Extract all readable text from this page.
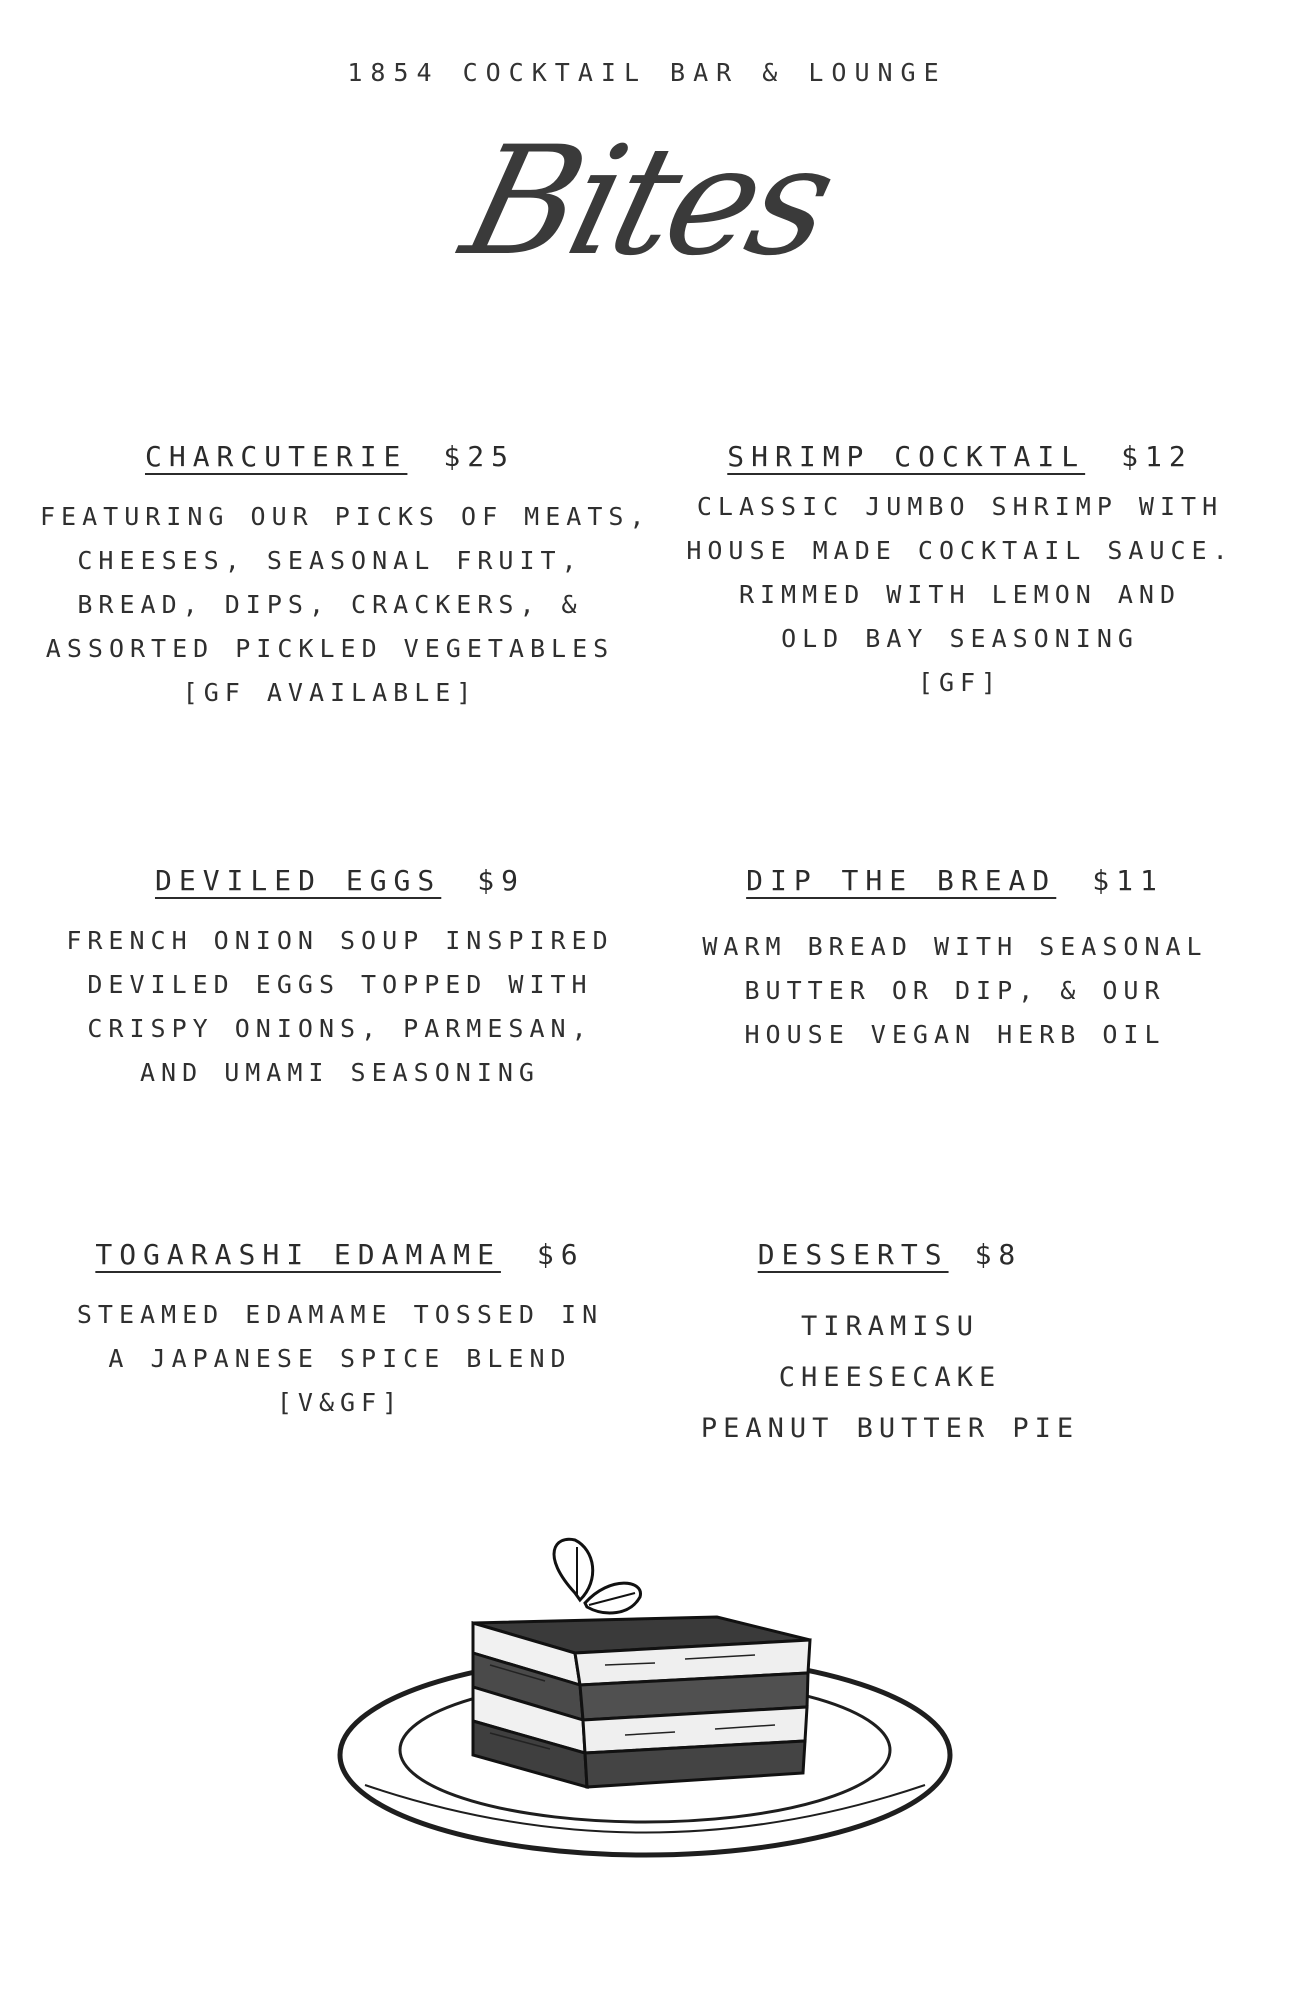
1854 COCKTAIL BAR & LOUNGE
Bites
CHARCUTERIE $25
FEATURING OUR PICKS OF MEATS,
CHEESES, SEASONAL FRUIT,
BREAD, DIPS, CRACKERS, &
ASSORTED PICKLED VEGETABLES
[GF AVAILABLE]
SHRIMP COCKTAIL $12
CLASSIC JUMBO SHRIMP WITH
HOUSE MADE COCKTAIL SAUCE.
RIMMED WITH LEMON AND
OLD BAY SEASONING
[GF]
DEVILED EGGS $9
FRENCH ONION SOUP INSPIRED
DEVILED EGGS TOPPED WITH
CRISPY ONIONS, PARMESAN,
AND UMAMI SEASONING
DIP THE BREAD $11
WARM BREAD WITH SEASONAL
BUTTER OR DIP, & OUR
HOUSE VEGAN HERB OIL
TOGARASHI EDAMAME $6
STEAMED EDAMAME TOSSED IN
A JAPANESE SPICE BLEND
[V&GF]
DESSERTS $8
TIRAMISU
CHEESECAKE
PEANUT BUTTER PIE
